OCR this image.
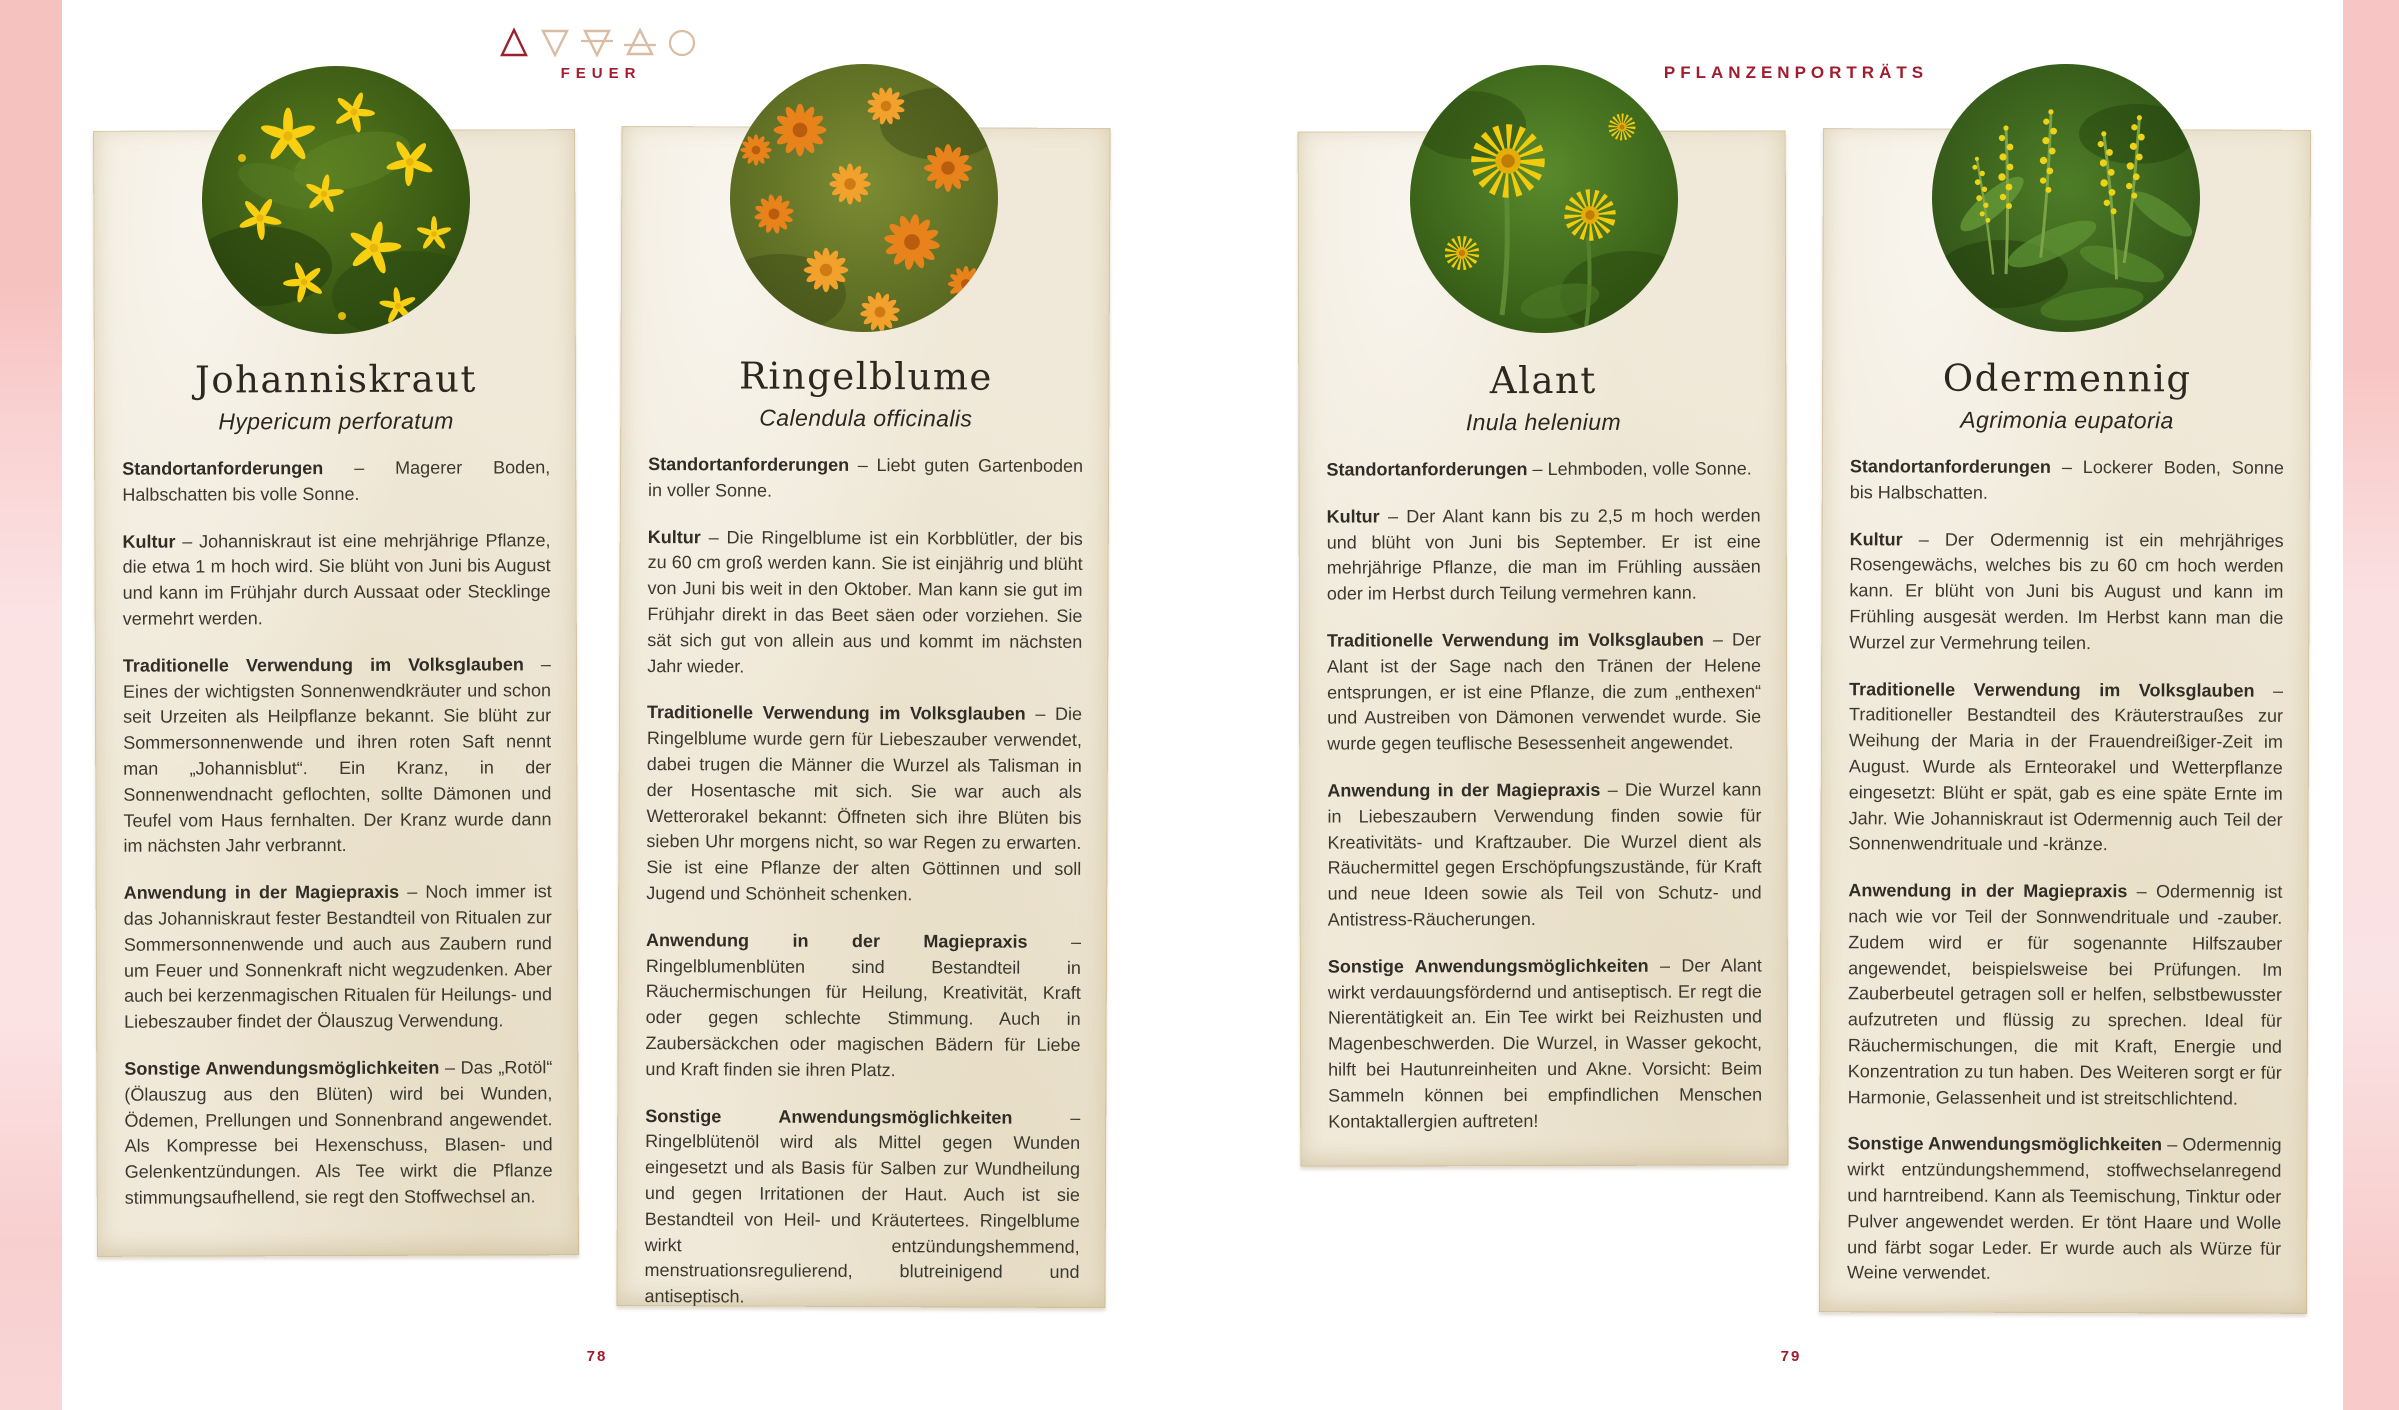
FEUER	PFLANZENPORTRÄTS
Johanniskraut

Hypericum perforatum

Standortanforderungen – Magerer Boden, Halbschatten bis volle Sonne.

Kultur – Johanniskraut ist eine mehrjährige Pflanze, die etwa 1 m hoch wird. Sie blüht von Juni bis August und kann im Frühjahr durch Aussaat oder Stecklinge vermehrt werden.

Traditionelle Verwendung im Volksglauben – Eines der wichtigsten Sonnenwendkräuter und schon seit Urzeiten als Heilpflanze bekannt. Sie blüht zur Sommersonnenwende und ihren roten Saft nennt man „Johannisblut“. Ein Kranz, in der Sonnenwendnacht geflochten, sollte Dämonen und Teufel vom Haus fernhalten. Der Kranz wurde dann im nächsten Jahr verbrannt.

Anwendung in der Magiepraxis – Noch immer ist das Johanniskraut fester Bestandteil von Ritualen zur Sommersonnenwende und auch aus Zaubern rund um Feuer und Sonnenkraft nicht wegzudenken. Aber auch bei kerzenmagischen Ritualen für Heilungs- und Liebeszauber findet der Ölauszug Verwendung.

Sonstige Anwendungsmöglichkeiten – Das „Rotöl“ (Ölauszug aus den Blüten) wird bei Wunden, Ödemen, Prellungen und Sonnenbrand angewendet. Als Kompresse bei Hexenschuss, Blasen- und Gelenkentzündungen. Als Tee wirkt die Pflanze stimmungsaufhellend, sie regt den Stoffwechsel an.

Ringelblume

Calendula officinalis

Standortanforderungen – Liebt guten Gartenboden in voller Sonne.

Kultur – Die Ringelblume ist ein Korbblütler, der bis zu 60 cm groß werden kann. Sie ist einjährig und blüht von Juni bis weit in den Oktober. Man kann sie gut im Frühjahr direkt in das Beet säen oder vorziehen. Sie sät sich gut von allein aus und kommt im nächsten Jahr wieder.

Traditionelle Verwendung im Volksglauben – Die Ringelblume wurde gern für Liebeszauber verwendet, dabei trugen die Männer die Wurzel als Talisman in der Hosentasche mit sich. Sie war auch als Wetterorakel bekannt: Öffneten sich ihre Blüten bis sieben Uhr morgens nicht, so war Regen zu erwarten. Sie ist eine Pflanze der alten Göttinnen und soll Jugend und Schönheit schenken.

Anwendung in der Magiepraxis – Ringelblumenblüten sind Bestandteil in Räuchermischungen für Heilung, Kreativität, Kraft oder gegen schlechte Stimmung. Auch in Zaubersäckchen oder magischen Bädern für Liebe und Kraft finden sie ihren Platz.

Sonstige Anwendungsmöglichkeiten	– Ringelblütenöl wird als Mittel gegen Wunden eingesetzt und als Basis für Salben zur Wundheilung und gegen Irritationen der Haut. Auch ist sie Bestandteil von Heil- und Kräutertees. Ringelblume wirkt entzündungshemmend, menstruationsregulierend, blutreinigend und antiseptisch.

Alant

Inula helenium

Standortanforderungen – Lehmboden, volle Sonne.

Kultur – Der Alant kann bis zu 2,5 m hoch werden und blüht von Juni bis September. Er ist eine mehrjährige Pflanze, die man im Frühling aussäen oder im Herbst durch Teilung vermehren kann.

Traditionelle Verwendung im Volksglauben – Der Alant ist der Sage nach den Tränen der Helene entsprungen, er ist eine Pflanze, die zum „enthexen“ und Austreiben von Dämonen verwendet wurde. Sie wurde gegen teuflische Besessenheit angewendet.

Anwendung in der Magiepraxis – Die Wurzel kann in Liebeszaubern Verwendung finden sowie für Kreativitäts- und Kraftzauber. Die Wurzel dient als Räuchermittel gegen Erschöpfungszustände, für Kraft und neue Ideen sowie als Teil von Schutz- und Antistress-Räucherungen.

Sonstige Anwendungsmöglichkeiten – Der Alant wirkt verdauungsfördernd und antiseptisch. Er regt die Nierentätigkeit an. Ein Tee wirkt bei Reizhusten und Magenbeschwerden. Die Wurzel, in Wasser gekocht, hilft bei Hautunreinheiten und Akne. Vorsicht: Beim Sammeln können bei empfindlichen Menschen Kontaktallergien auftreten!

Odermennig

Agrimonia eupatoria

Standortanforderungen – Lockerer Boden, Sonne bis Halbschatten.

Kultur – Der Odermennig ist ein mehrjähriges Rosengewächs, welches bis zu 60 cm hoch werden kann. Er blüht von Juni bis August und kann im Frühling ausgesät werden. Im Herbst kann man die Wurzel zur Vermehrung teilen.

Traditionelle Verwendung im Volksglauben – Traditioneller Bestandteil des Kräuterstraußes zur Weihung der Maria in der Frauendreißiger-Zeit im August. Wurde als Ernteorakel und Wetterpflanze eingesetzt: Blüht er spät, gab es eine späte Ernte im Jahr. Wie Johanniskraut ist Odermennig auch Teil der Sonnenwendrituale und -kränze.

Anwendung in der Magiepraxis – Odermennig ist nach wie vor Teil der Sonnwendrituale und -zauber. Zudem wird er für sogenannte Hilfszauber angewendet, beispielsweise bei Prüfungen. Im Zauberbeutel getragen soll er helfen, selbstbewusster aufzutreten und flüssig zu sprechen. Ideal für Räuchermischungen, die mit Kraft, Energie und Konzentration zu tun haben. Des Weiteren sorgt er für Harmonie, Gelassenheit und ist streitschlichtend.

Sonstige Anwendungsmöglichkeiten – Odermennig wirkt entzündungshemmend, stoffwechselanregend und harntreibend. Kann als Teemischung, Tinktur oder Pulver angewendet werden. Er tönt Haare und Wolle und färbt sogar Leder. Er wurde auch als Würze für Weine verwendet.

78	79
